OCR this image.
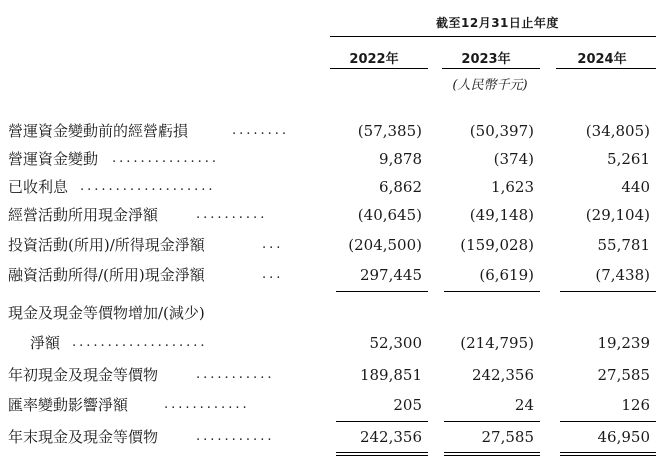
截至12月31日止年度
2022年	2023年	2024年
(人民幣千元)
營運資金變動前的經營虧損	........	(57,385)	(50,397)	(34,805)
營運資金變動 ...............	9,878	(374)	5,261
已收利息 ...................	6,862	1,623	440
經營活動所用現金淨額	..........	(40,645)	(49,148)	(29,104)
投資活動(所用)/所得現金淨額	...	(204,500)	(159,028)	55,781
融資活動所得/(所用)現金淨額	...	297,445	(6,619)	(7,438)
現金及現金等價物增加/(減少)
淨額 ...................	52,300	(214,795)	19,239
年初現金及現金等價物	...........	189,851	242,356	27,585
匯率變動影響淨額	............	205	24	126
年末現金及現金等價物	...........	242,356	27,585	46,950
